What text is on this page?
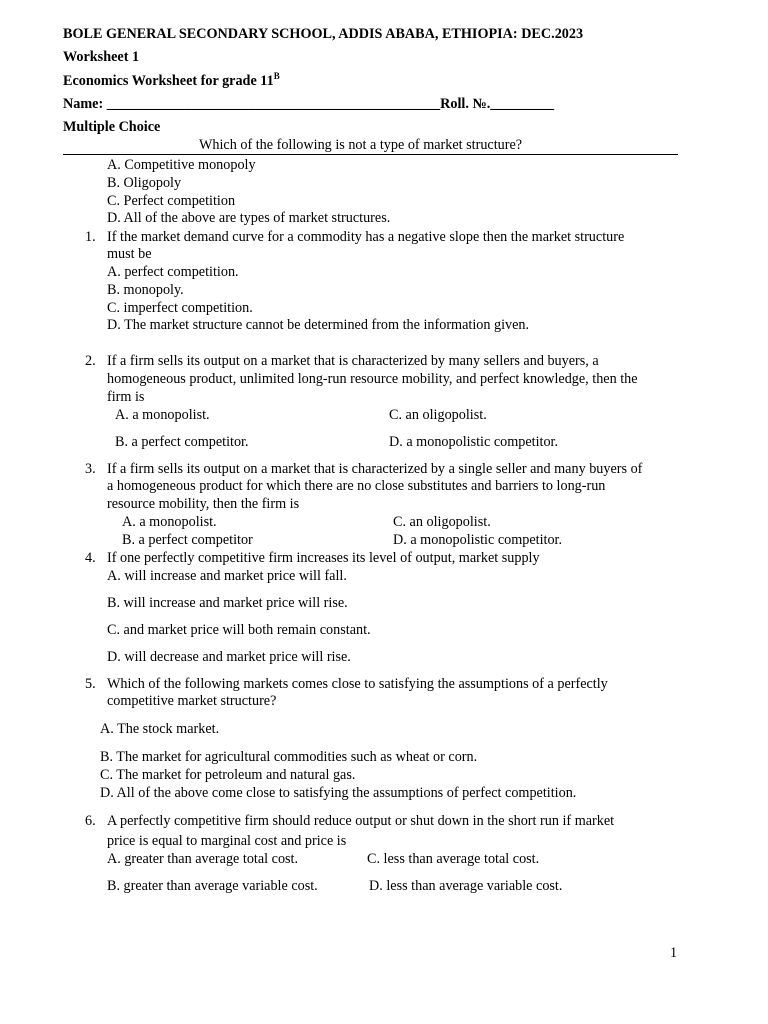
BOLE GENERAL SECONDARY SCHOOL, ADDIS ABABA, ETHIOPIA: DEC.2023
Worksheet 1
Economics Worksheet for grade $11^B$
Name: _______________________________________________Roll. №._________
Multiple Choice
Which of the following is not a type of market structure?
A. Competitive monopoly
B. Oligopoly
C. Perfect competition
D. All of the above are types of market structures.
1. If the market demand curve for a commodity has a negative slope then the market structure
must be
A. perfect competition.
B. monopoly.
C. imperfect competition.
D. The market structure cannot be determined from the information given.
2. If a firm sells its output on a market that is characterized by many sellers and buyers, a
homogeneous product, unlimited long-run resource mobility, and perfect knowledge, then the
firm is
A. a monopolist.	C. an oligopolist.
B. a perfect competitor.	D. a monopolistic competitor.
3. If a firm sells its output on a market that is characterized by a single seller and many buyers of
a homogeneous product for which there are no close substitutes and barriers to long-run
resource mobility, then the firm is
A. a monopolist.	C. an oligopolist.
B. a perfect competitor	D. a monopolistic competitor.
4. If one perfectly competitive firm increases its level of output, market supply
A. will increase and market price will fall.
B. will increase and market price will rise.
C. and market price will both remain constant.
D. will decrease and market price will rise.
5. Which of the following markets comes close to satisfying the assumptions of a perfectly
competitive market structure?
A. The stock market.
B. The market for agricultural commodities such as wheat or corn.
C. The market for petroleum and natural gas.
D. All of the above come close to satisfying the assumptions of perfect competition.
6. A perfectly competitive firm should reduce output or shut down in the short run if market
price is equal to marginal cost and price is
A. greater than average total cost.	C. less than average total cost.
B. greater than average variable cost.	D. less than average variable cost.
1
